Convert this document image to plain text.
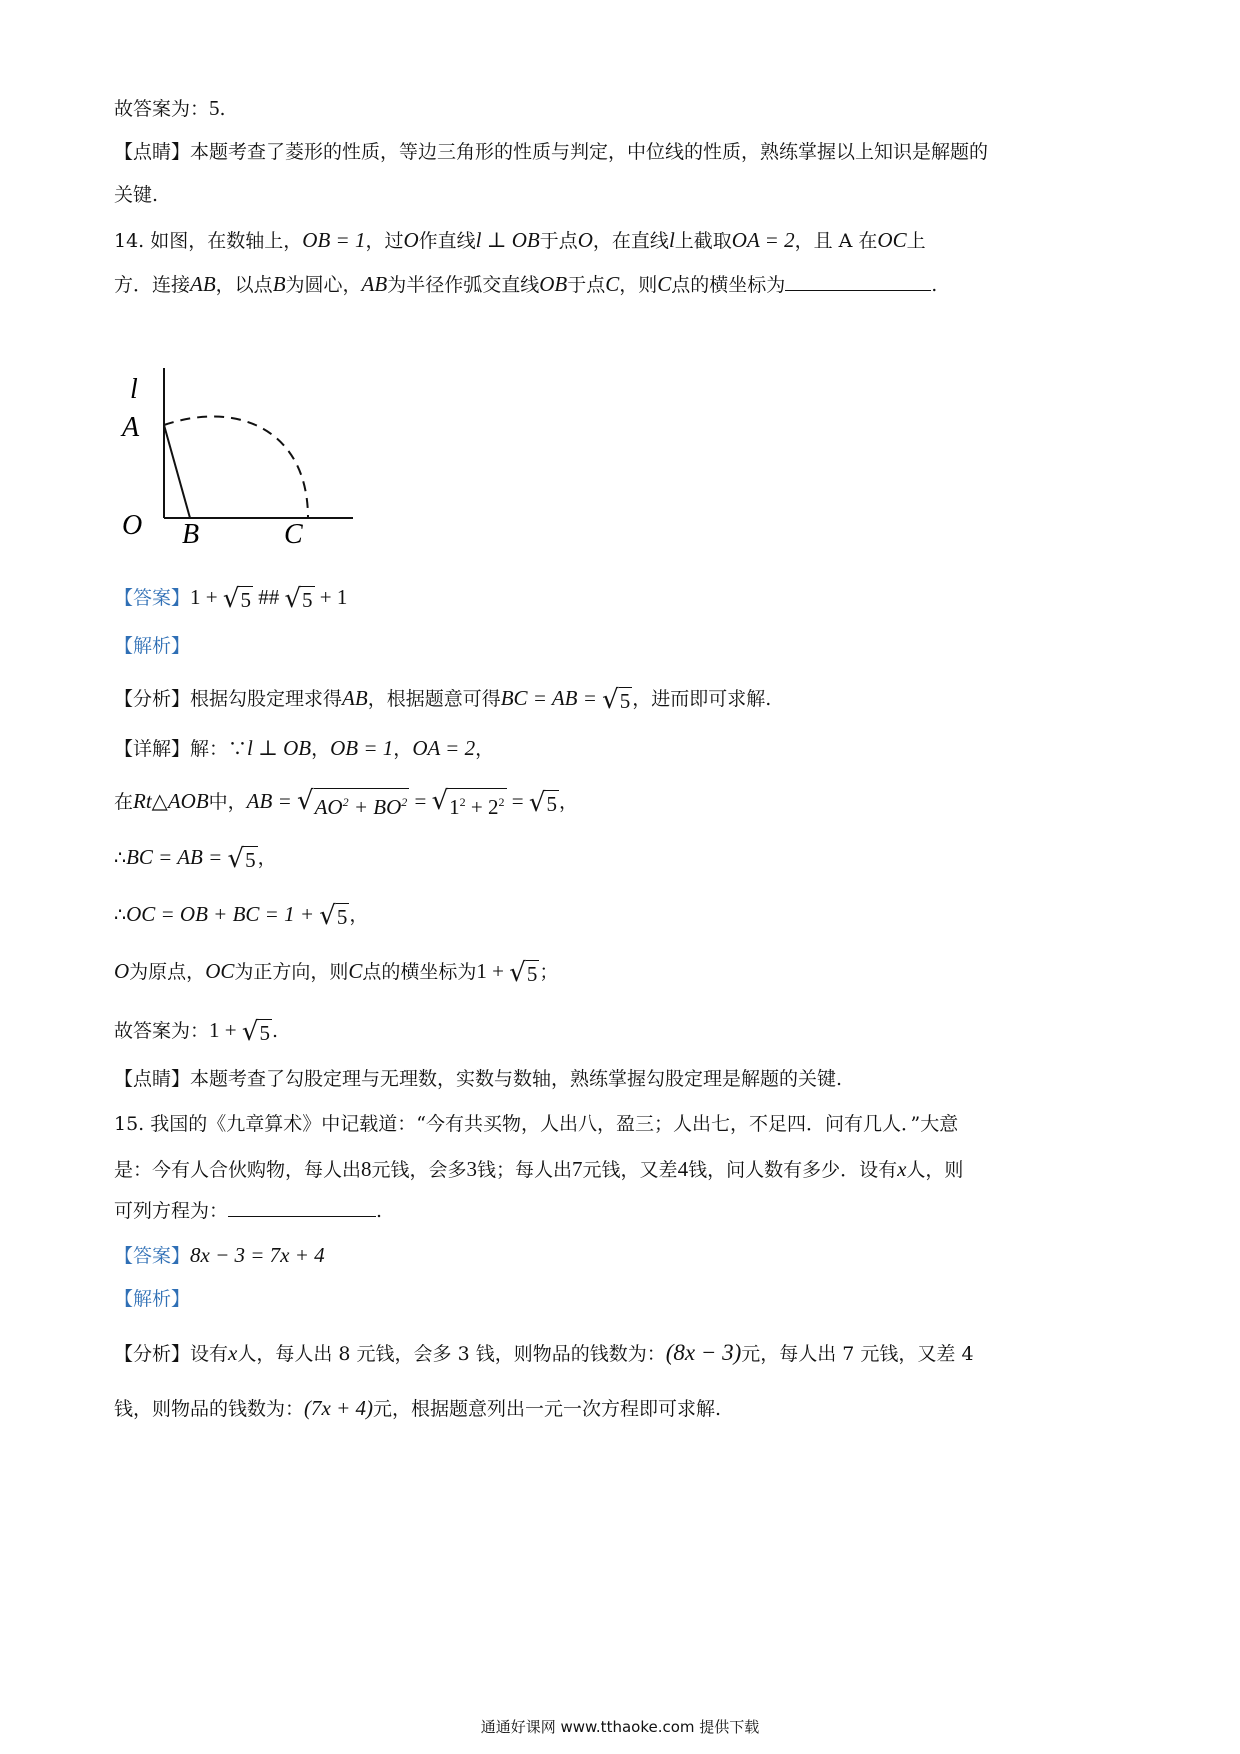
故答案为：5.
【点睛】本题考查了菱形的性质，等边三角形的性质与判定，中位线的性质，熟练掌握以上知识是解题的
关键.
14. 如图，在数轴上，OB = 1，过O作直线l ⊥ OB于点O，在直线l上截取OA = 2，且 A 在OC上
方．连接AB，以点B为圆心，AB为半径作弧交直线OB于点C，则C点的横坐标为	.
l
A
O B	C
【答案】1 + √ 5 ## √ 5 + 1
【解析】
【分析】根据勾股定理求得AB，根据题意可得BC = AB = √ 5 ，进而即可求解.
【详解】解：∵l ⊥ OB，OB = 1，OA = 2，
在Rt△AOB中，AB = √ $AO^2 + BO^2$ = √ $1^2 + 2^2$ = √ 5 ，
∴BC = AB = √ 5 ，
∴OC = OB + BC = 1 + √ 5 ，
O为原点，OC为正方向，则C点的横坐标为1 + √ 5 ；
故答案为：1 + √ 5 .
【点睛】本题考查了勾股定理与无理数，实数与数轴，熟练掌握勾股定理是解题的关键.
15. 我国的《九章算术》中记载道：“今有共买物，人出八，盈三；人出七，不足四．问有几人．”大意
是：今有人合伙购物，每人出8元钱，会多3钱；每人出7元钱，又差4钱，问人数有多少．设有x人，则
可列方程为：	.
【答案】8x − 3 = 7x + 4
【解析】
【分析】设有x人，每人出 8 元钱，会多 3 钱，则物品的钱数为：(8x − 3)元，每人出 7 元钱，又差 4
钱，则物品的钱数为：(7x + 4)元，根据题意列出一元一次方程即可求解.
通通好课网 www.tthaoke.com 提供下载
